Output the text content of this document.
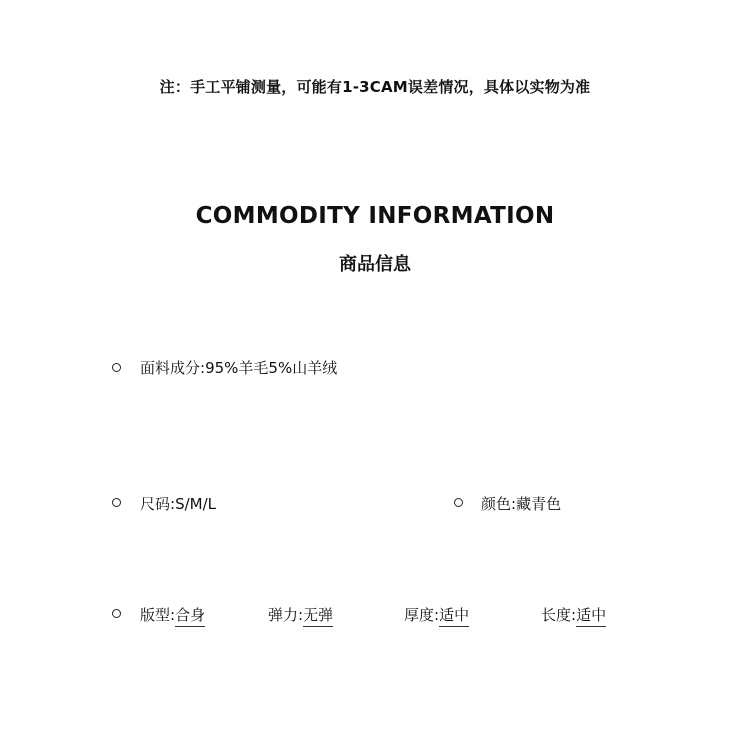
注：手工平铺测量，可能有1-3CAM误差情况，具体以实物为准
COMMODITY INFORMATION
商品信息
面料成分:95%羊毛5%山羊绒
尺码:S/M/L	颜色:藏青色
版型:合身	弹力:无弹	厚度:适中	长度:适中
